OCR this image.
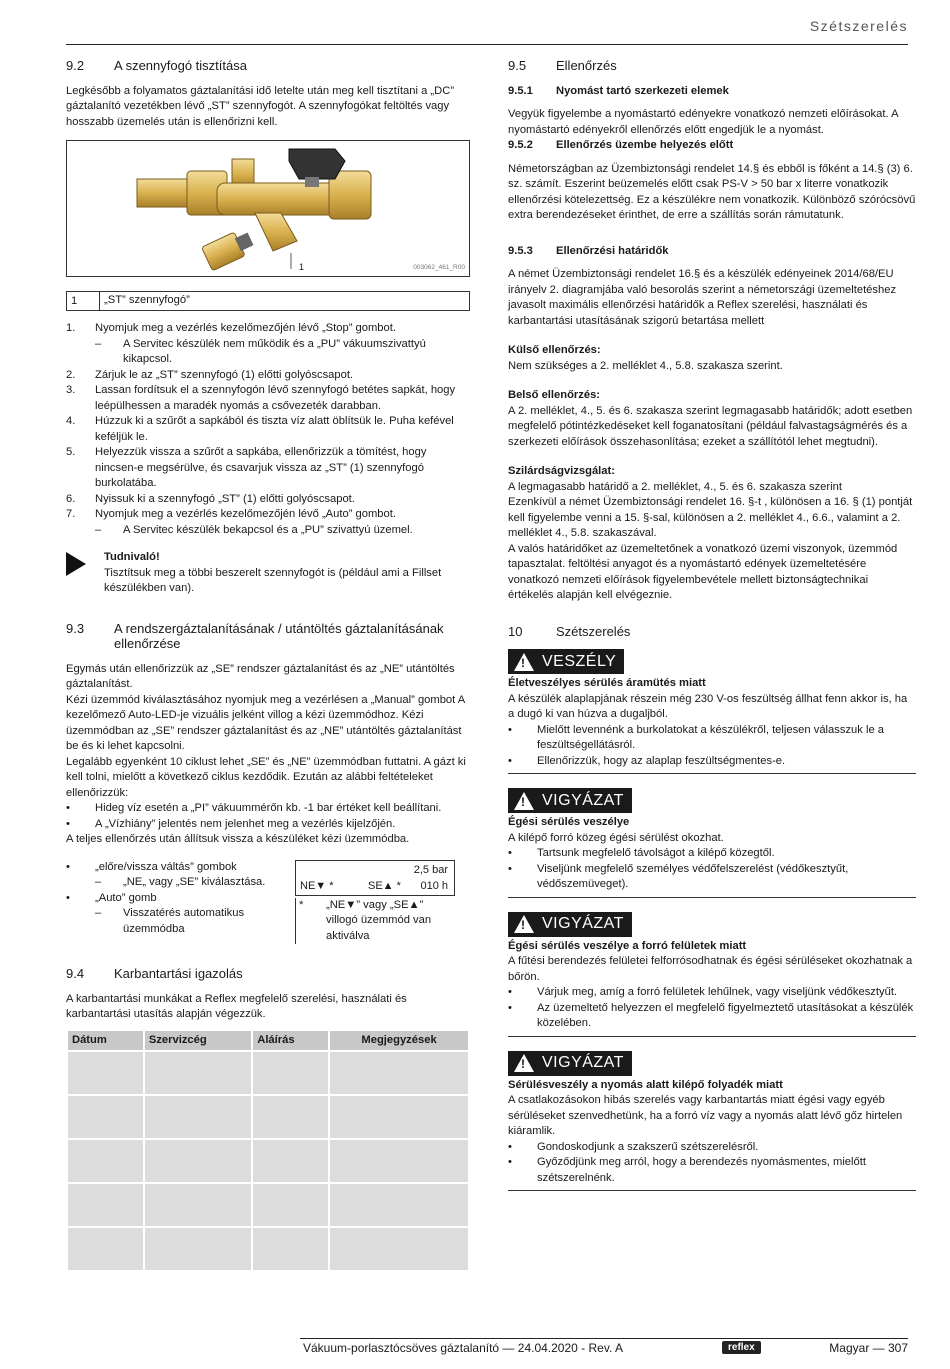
Szétszerelés
9.2	A szennyfogó tisztítása

Legkésőbb a folyamatos gáztalanítási idő letelte után meg kell tisztítani a „DC” gáztalanító vezetékben lévő „ST” szennyfogót. A szennyfogókat feltöltés vagy hosszabb üzemelés után is ellenőrizni kell.

1	003062_461_R00
1	„ST” szennyfogó”
1.	Nyomjuk meg a vezérlés kezelőmezőjén lévő „Stop” gombot.
–	A Servitec készülék nem működik és a „PU” vákuumszivattyú kikapcsol.
2.	Zárjuk le az „ST” szennyfogó (1) előtti golyóscsapot.
3.	Lassan fordítsuk el a szennyfogón lévő szennyfogó betétes sapkát, hogy leépülhessen a maradék nyomás a csővezeték darabban.
4.	Húzzuk ki a szűrőt a sapkából és tiszta víz alatt öblítsük le. Puha kefével keféljük le.
5.	Helyezzük vissza a szűrőt a sapkába, ellenőrizzük a tömítést, hogy nincsen-e megsérülve, és csavarjuk vissza az „ST” (1) szennyfogó burkolatába.
6.	Nyissuk ki a szennyfogó „ST” (1) előtti golyóscsapot.
7.	Nyomjuk meg a vezérlés kezelőmezőjén lévő „Auto” gombot.
–	A Servitec készülék bekapcsol és a „PU” szivattyú üzemel.
Tudnivaló!
Tisztítsuk meg a többi beszerelt szennyfogót is (például ami a Fillset készülékben van).
9.3	A rendszergáztalanításának / utántöltés gáztalanításának ellenőrzése

Egymás után ellenőrizzük az „SE” rendszer gáztalanítást és az „NE” utántöltés gáztalanítást.

Kézi üzemmód kiválasztásához nyomjuk meg a vezérlésen a „Manual” gombot A kezelőmező Auto-LED-je vizuális jelként villog a kézi üzemmódhoz. Kézi üzemmódban az „SE” rendszer gáztalanítást és az „NE” utántöltés gáztalanítást be és ki lehet kapcsolni.

Legalább egyenként 10 ciklust lehet „SE” és „NE” üzemmódban futtatni. A gázt ki kell tolni, mielőtt a következő ciklus kezdődik. Ezután az alábbi feltételeket ellenőrizzük:

•	Hideg víz esetén a „PI” vákuummérőn kb. -1 bar értéket kell beállítani.
•	A „Vízhiány” jelentés nem jelenhet meg a vezérlés kijelzőjén.

A teljes ellenőrzés után állítsuk vissza a készüléket kézi üzemmódba.

•	„előre/vissza váltás” gombok
–	„NE„ vagy „SE” kiválasztása.
•	„Auto” gomb
–	Visszatérés automatikus üzemmódba
2,5 bar
NE▼ *	SE▲ * 010 h
*	„NE▼” vagy „SE▲” villogó üzemmód van aktiválva
9.4	Karbantartási igazolás

A karbantartási munkákat a Reflex megfelelő szerelési, használati és karbantartási utasítás alapján végezzük.

Dátum	Szervizcég	Aláírás	Megjegyzések

9.5	Ellenőrzés
9.5.1	Nyomást tartó szerkezeti elemek

Vegyük figyelembe a nyomástartó edényekre vonatkozó nemzeti előírásokat. A nyomástartó edényekről ellenőrzés előtt engedjük le a nyomást.

9.5.2	Ellenőrzés üzembe helyezés előtt

Németországban az Üzembiztonsági rendelet 14.§ és ebből is főként a 14.§ (3) 6. sz. számít. Eszerint beüzemelés előtt csak PS-V > 50 bar x literre vonatkozik ellenőrzési kötelezettség. Ez a készülékre nem vonatkozik. Különböző szórócsövű extra berendezéseket érinthet, de erre a szállítás során rámutatunk.

9.5.3	Ellenőrzési határidők

A német Üzembiztonsági rendelet 16.§ és a készülék edényeinek 2014/68/EU irányelv 2. diagramjába való besorolás szerint a németországi üzemeltetéshez javasolt maximális ellenőrzési határidők a Reflex szerelési, használati és karbantartási utasításának szigorú betartása mellett

Külső ellenőrzés:

Nem szükséges a 2. melléklet 4., 5.8. szakasza szerint.

Belső ellenőrzés:

A 2. melléklet, 4., 5. és 6. szakasza szerint legmagasabb határidők; adott esetben megfelelő pótintézkedéseket kell foganatosítani (például falvastagságmérés és a szerkezeti előírások összehasonlítása; ezeket a szállítótól lehet megtudni).

Szilárdságvizsgálat:

A legmagasabb határidő a 2. melléklet, 4., 5. és 6. szakasza szerint

Ezenkívül a német Üzembiztonsági rendelet 16. §-t , különösen a 16. § (1) pontját kell figyelembe venni a 15. §-sal, különösen a 2. melléklet 4., 6.6., valamint a 2. melléklet 4., 5.8. szakaszával.

A valós határidőket az üzemeltetőnek a vonatkozó üzemi viszonyok, üzemmód tapasztalat. feltöltési anyagot és a nyomástartó edények üzemeltetésére vonatkozó nemzeti előírások figyelembevétele mellett biztonságtechnikai értékelés alapján kell elvégeznie.

10	Szétszerelés
! VESZÉLY
Életveszélyes sérülés áramütés miatt

A készülék alaplapjának részein még 230 V-os feszültség állhat fenn akkor is, ha a dugó ki van húzva a dugaljból.

•	Mielőtt levennénk a burkolatokat a készülékről, teljesen válasszuk le a feszültségellátásról.
•	Ellenőrizzük, hogy az alaplap feszültségmentes-e.
! VIGYÁZAT
Égési sérülés veszélye

A kilépő forró közeg égési sérülést okozhat.

•	Tartsunk megfelelő távolságot a kilépő közegtől.
•	Viseljünk megfelelő személyes védőfelszerelést (védőkesztyűt, védőszemüveget).
! VIGYÁZAT
Égési sérülés veszélye a forró felületek miatt

A fűtési berendezés felületei felforrósodhatnak és égési sérüléseket okozhatnak a bőrön.

•	Várjuk meg, amíg a forró felületek lehűlnek, vagy viseljünk védőkesztyűt.
•	Az üzemeltető helyezzen el megfelelő figyelmeztető utasításokat a készülék közelében.
! VIGYÁZAT
Sérülésveszély a nyomás alatt kilépő folyadék miatt

A csatlakozásokon hibás szerelés vagy karbantartás miatt égési vagy egyéb sérüléseket szenvedhetünk, ha a forró víz vagy a nyomás alatt lévő gőz hirtelen kiáramlik.

•	Gondoskodjunk a szakszerű szétszerelésről.
•	Győződjünk meg arról, hogy a berendezés nyomásmentes, mielőtt szétszerelnénk.
Vákuum-porlasztócsöves gáztalanító — 24.04.2020 - Rev. A	reflex	Magyar — 307
